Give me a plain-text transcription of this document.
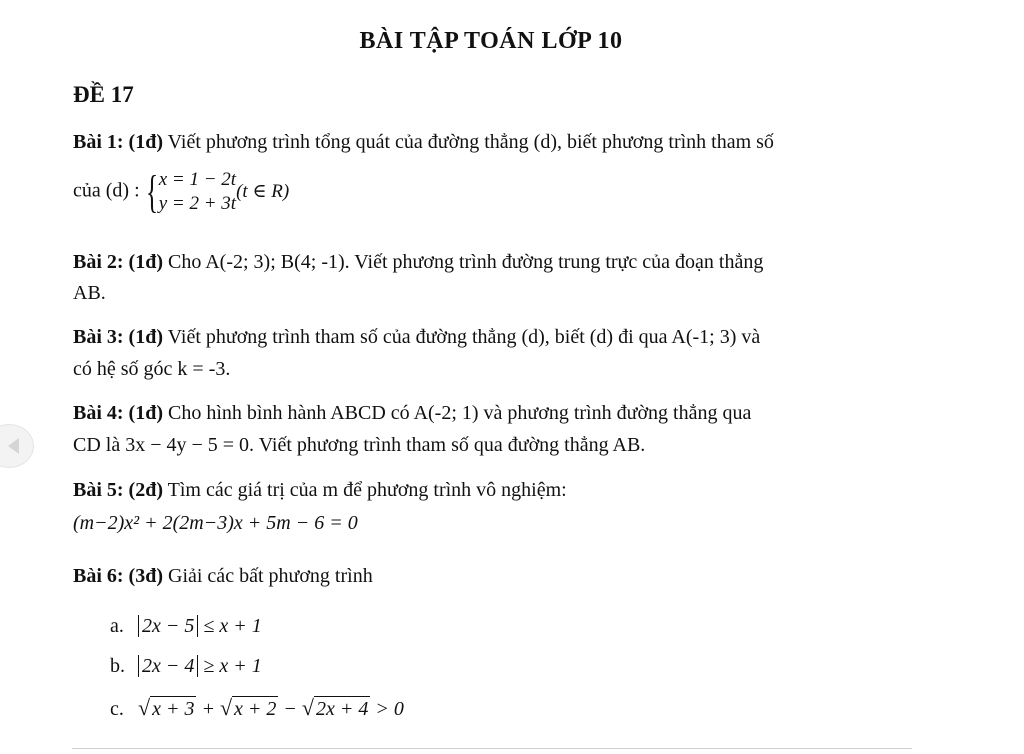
BÀI TẬP TOÁN LỚP 10
ĐỀ 17
Bài 1: (1đ) Viết phương trình tổng quát của đường thẳng (d), biết phương trình tham số
của (d) : { x = 1 − 2t
y = 2 + 3t
(t ∈ R)
Bài 2: (1đ) Cho A(-2; 3); B(4; -1). Viết phương trình đường trung trực của đoạn thẳng
AB.
Bài 3: (1đ) Viết phương trình tham số của đường thẳng (d), biết (d) đi qua A(-1; 3) và
có hệ số góc k = -3.
Bài 4: (1đ) Cho hình bình hành ABCD có A(-2; 1) và phương trình đường thẳng qua
CD là 3x − 4y − 5 = 0. Viết phương trình tham số qua đường thẳng AB.
Bài 5: (2đ) Tìm các giá trị của m để phương trình vô nghiệm:
(m−2)x² + 2(2m−3)x + 5m − 6 = 0
Bài 6: (3đ) Giải các bất phương trình
a. 2x − 5 ≤ x + 1
b. 2x − 4 ≥ x + 1
c. √ x + 3 + √ x + 2 − √ 2x + 4 > 0
